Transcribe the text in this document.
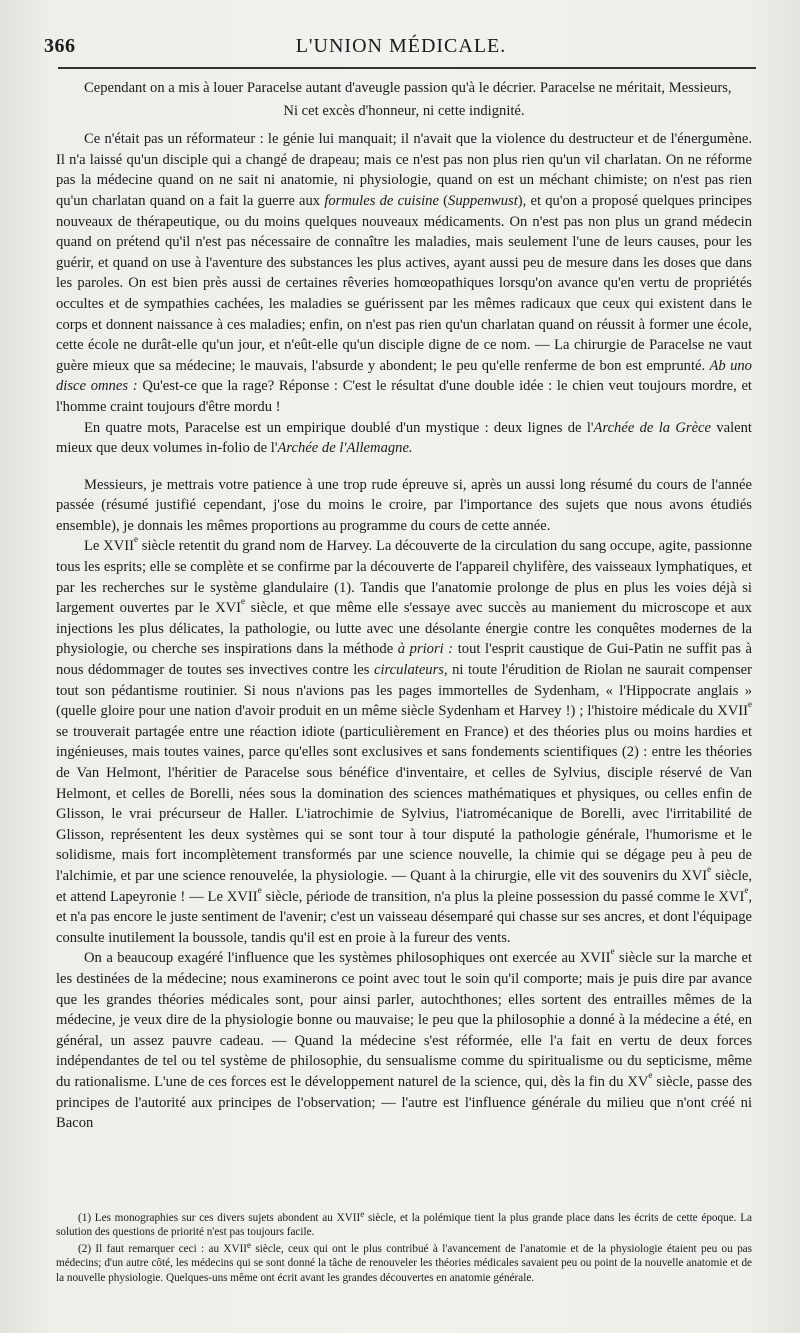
366	L'UNION MÉDICALE.

Cependant on a mis à louer Paracelse autant d'aveugle passion qu'à le décrier. Paracelse ne méritait, Messieurs,

Ni cet excès d'honneur, ni cette indignité.

Ce n'était pas un réformateur : le génie lui manquait; il n'avait que la violence du destructeur et de l'énergumène. Il n'a laissé qu'un disciple qui a changé de drapeau; mais ce n'est pas non plus rien qu'un vil charlatan. On ne réforme pas la médecine quand on ne sait ni anatomie, ni physiologie, quand on est un méchant chimiste; on n'est pas rien qu'un charlatan quand on a fait la guerre aux formules de cuisine (Suppenwust), et qu'on a proposé quelques principes nouveaux de thérapeutique, ou du moins quelques nouveaux médicaments. On n'est pas non plus un grand médecin quand on prétend qu'il n'est pas nécessaire de connaître les maladies, mais seulement l'une de leurs causes, pour les guérir, et quand on use à l'aventure des substances les plus actives, ayant aussi peu de mesure dans les doses que dans les paroles. On est bien près aussi de certaines rêveries homœopathiques lorsqu'on avance qu'en vertu de propriétés occultes et de sympathies cachées, les maladies se guérissent par les mêmes radicaux que ceux qui existent dans le corps et donnent naissance à ces maladies; enfin, on n'est pas rien qu'un charlatan quand on réussit à former une école, cette école ne durât-elle qu'un jour, et n'eût-elle qu'un disciple digne de ce nom. — La chirurgie de Paracelse ne vaut guère mieux que sa médecine; le mauvais, l'absurde y abondent; le peu qu'elle renferme de bon est emprunté. Ab uno disce omnes : Qu'est-ce que la rage? Réponse : C'est le résultat d'une double idée : le chien veut toujours mordre, et l'homme craint toujours d'être mordu !

En quatre mots, Paracelse est un empirique doublé d'un mystique : deux lignes de l'Archée de la Grèce valent mieux que deux volumes in-folio de l'Archée de l'Allemagne.

Messieurs, je mettrais votre patience à une trop rude épreuve si, après un aussi long résumé du cours de l'année passée (résumé justifié cependant, j'ose du moins le croire, par l'importance des sujets que nous avons étudiés ensemble), je donnais les mêmes proportions au programme du cours de cette année.

Le XVIIe siècle retentit du grand nom de Harvey. La découverte de la circulation du sang occupe, agite, passionne tous les esprits; elle se complète et se confirme par la découverte de l'appareil chylifère, des vaisseaux lymphatiques, et par les recherches sur le système glandulaire (1). Tandis que l'anatomie prolonge de plus en plus les voies déjà si largement ouvertes par le XVIe siècle, et que même elle s'essaye avec succès au maniement du microscope et aux injections les plus délicates, la pathologie, ou lutte avec une désolante énergie contre les conquêtes modernes de la physiologie, ou cherche ses inspirations dans la méthode à priori : tout l'esprit caustique de Gui-Patin ne suffit pas à nous dédommager de toutes ses invectives contre les circulateurs, ni toute l'érudition de Riolan ne saurait compenser tout son pédantisme routinier. Si nous n'avions pas les pages immortelles de Sydenham, « l'Hippocrate anglais » (quelle gloire pour une nation d'avoir produit en un même siècle Sydenham et Harvey !) ; l'histoire médicale du XVIIe se trouverait partagée entre une réaction idiote (particulièrement en France) et des théories plus ou moins hardies et ingénieuses, mais toutes vaines, parce qu'elles sont exclusives et sans fondements scientifiques (2) : entre les théories de Van Helmont, l'héritier de Paracelse sous bénéfice d'inventaire, et celles de Sylvius, disciple réservé de Van Helmont, et celles de Borelli, nées sous la domination des sciences mathématiques et physiques, ou celles enfin de Glisson, le vrai précurseur de Haller. L'iatrochimie de Sylvius, l'iatromécanique de Borelli, avec l'irritabilité de Glisson, représentent les deux systèmes qui se sont tour à tour disputé la pathologie générale, l'humorisme et le solidisme, mais fort incomplètement transformés par une science nouvelle, la chimie qui se dégage peu à peu de l'alchimie, et par une science renouvelée, la physiologie. — Quant à la chirurgie, elle vit des souvenirs du XVIe siècle, et attend Lapeyronie ! — Le XVIIe siècle, période de transition, n'a plus la pleine possession du passé comme le XVIe, et n'a pas encore le juste sentiment de l'avenir; c'est un vaisseau désemparé qui chasse sur ses ancres, et dont l'équipage consulte inutilement la boussole, tandis qu'il est en proie à la fureur des vents.

On a beaucoup exagéré l'influence que les systèmes philosophiques ont exercée au XVIIe siècle sur la marche et les destinées de la médecine; nous examinerons ce point avec tout le soin qu'il comporte; mais je puis dire par avance que les grandes théories médicales sont, pour ainsi parler, autochthones; elles sortent des entrailles mêmes de la médecine, je veux dire de la physiologie bonne ou mauvaise; le peu que la philosophie a donné à la médecine a été, en général, un assez pauvre cadeau. — Quand la médecine s'est réformée, elle l'a fait en vertu de deux forces indépendantes de tel ou tel système de philosophie, du sensualisme comme du spiritualisme ou du septicisme, même du rationalisme. L'une de ces forces est le développement naturel de la science, qui, dès la fin du XVe siècle, passe des principes de l'autorité aux principes de l'observation; — l'autre est l'influence générale du milieu que n'ont créé ni Bacon

(1) Les monographies sur ces divers sujets abondent au XVIIe siècle, et la polémique tient la plus grande place dans les écrits de cette époque. La solution des questions de priorité n'est pas toujours facile.

(2) Il faut remarquer ceci : au XVIIe siècle, ceux qui ont le plus contribué à l'avancement de l'anatomie et de la physiologie étaient peu ou pas médecins; d'un autre côté, les médecins qui se sont donné la tâche de renouveler les théories médicales savaient peu ou point de la nouvelle anatomie et de la nouvelle physiologie. Quelques-uns même ont écrit avant les grandes découvertes en anatomie générale.
